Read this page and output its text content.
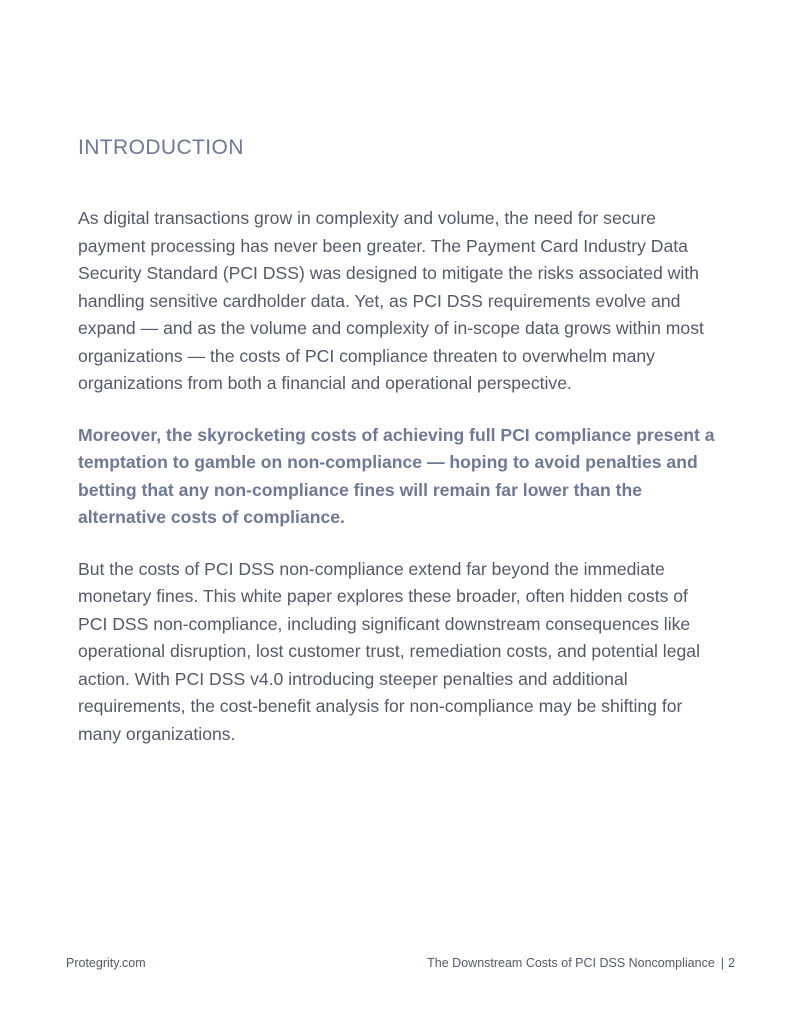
INTRODUCTION

As digital transactions grow in complexity and volume, the need for secure payment processing has never been greater. The Payment Card Industry Data Security Standard (PCI DSS) was designed to mitigate the risks associated with handling sensitive cardholder data. Yet, as PCI DSS requirements evolve and expand — and as the volume and complexity of in-scope data grows within most organizations — the costs of PCI compliance threaten to overwhelm many organizations from both a financial and operational perspective.

Moreover, the skyrocketing costs of achieving full PCI compliance present a temptation to gamble on non-compliance — hoping to avoid penalties and betting that any non-compliance fines will remain far lower than the alternative costs of compliance.

But the costs of PCI DSS non-compliance extend far beyond the immediate monetary fines. This white paper explores these broader, often hidden costs of PCI DSS non-compliance, including significant downstream consequences like operational disruption, lost customer trust, remediation costs, and potential legal action. With PCI DSS v4.0 introducing steeper penalties and additional requirements, the cost-benefit analysis for non-compliance may be shifting for many organizations.

Protegrity.com	The Downstream Costs of PCI DSS Noncompliance | 2
